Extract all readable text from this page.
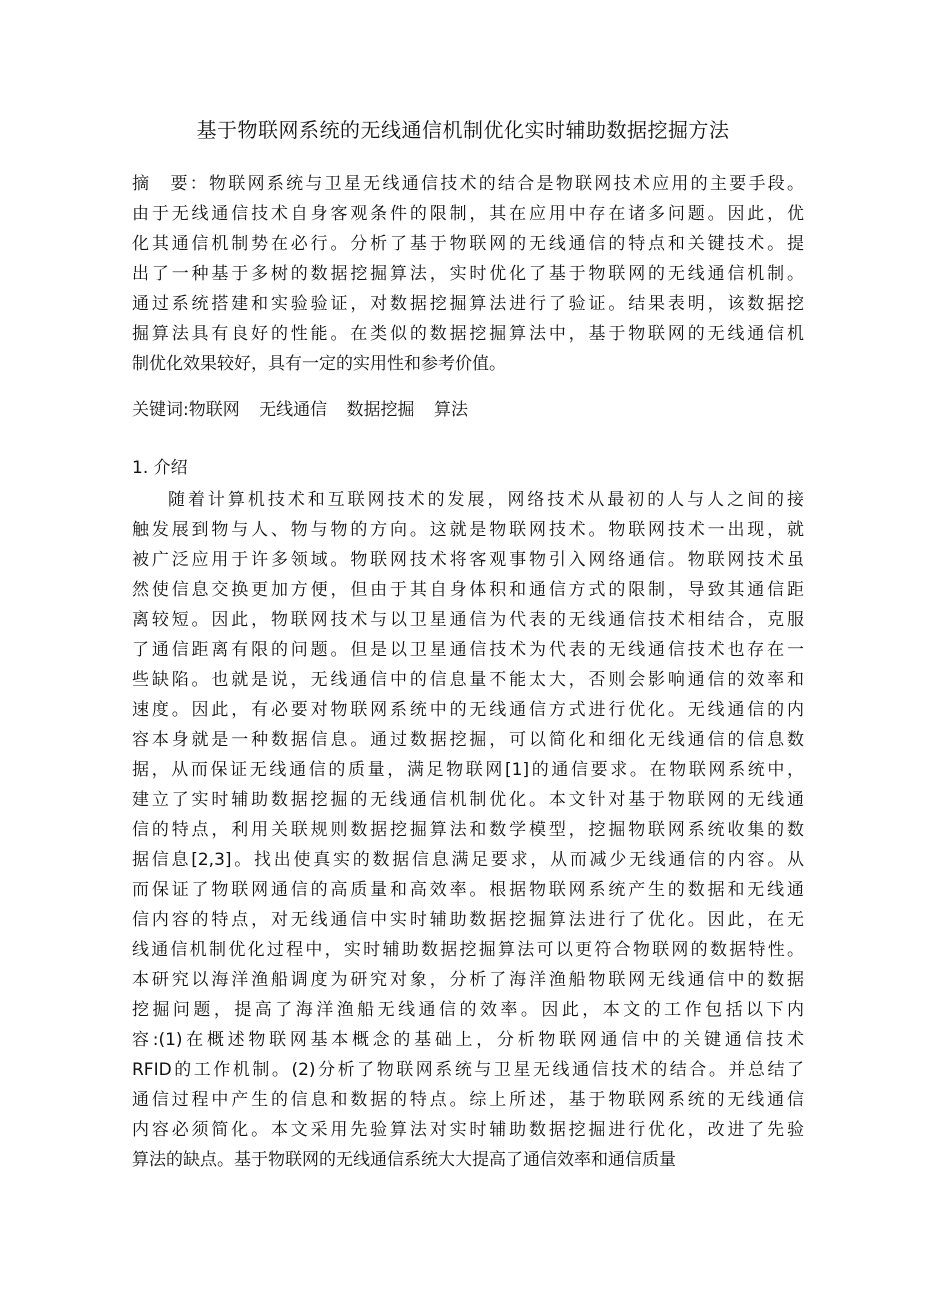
基于物联网系统的无线通信机制优化实时辅助数据挖掘方法
摘　要：物联网系统与卫星无线通信技术的结合是物联网技术应用的主要手段。
由于无线通信技术自身客观条件的限制，其在应用中存在诸多问题。因此，优
化其通信机制势在必行。分析了基于物联网的无线通信的特点和关键技术。提
出了一种基于多树的数据挖掘算法，实时优化了基于物联网的无线通信机制。
通过系统搭建和实验验证，对数据挖掘算法进行了验证。结果表明，该数据挖
掘算法具有良好的性能。在类似的数据挖掘算法中，基于物联网的无线通信机
制优化效果较好，具有一定的实用性和参考价值。
关键词:物联网 无线通信 数据挖掘 算法
1. 介绍
随着计算机技术和互联网技术的发展，网络技术从最初的人与人之间的接
触发展到物与人、物与物的方向。这就是物联网技术。物联网技术一出现，就
被广泛应用于许多领域。物联网技术将客观事物引入网络通信。物联网技术虽
然使信息交换更加方便，但由于其自身体积和通信方式的限制，导致其通信距
离较短。因此，物联网技术与以卫星通信为代表的无线通信技术相结合，克服
了通信距离有限的问题。但是以卫星通信技术为代表的无线通信技术也存在一
些缺陷。也就是说，无线通信中的信息量不能太大，否则会影响通信的效率和
速度。因此，有必要对物联网系统中的无线通信方式进行优化。无线通信的内
容本身就是一种数据信息。通过数据挖掘，可以简化和细化无线通信的信息数
据，从而保证无线通信的质量，满足物联网[1]的通信要求。在物联网系统中，
建立了实时辅助数据挖掘的无线通信机制优化。本文针对基于物联网的无线通
信的特点，利用关联规则数据挖掘算法和数学模型，挖掘物联网系统收集的数
据信息[2,3]。找出使真实的数据信息满足要求，从而减少无线通信的内容。从
而保证了物联网通信的高质量和高效率。根据物联网系统产生的数据和无线通
信内容的特点，对无线通信中实时辅助数据挖掘算法进行了优化。因此，在无
线通信机制优化过程中，实时辅助数据挖掘算法可以更符合物联网的数据特性。
本研究以海洋渔船调度为研究对象，分析了海洋渔船物联网无线通信中的数据
挖掘问题，提高了海洋渔船无线通信的效率。因此，本文的工作包括以下内
容:(1)在概述物联网基本概念的基础上，分析物联网通信中的关键通信技术
RFID的工作机制。(2)分析了物联网系统与卫星无线通信技术的结合。并总结了
通信过程中产生的信息和数据的特点。综上所述，基于物联网系统的无线通信
内容必须简化。本文采用先验算法对实时辅助数据挖掘进行优化，改进了先验
算法的缺点。基于物联网的无线通信系统大大提高了通信效率和通信质量
